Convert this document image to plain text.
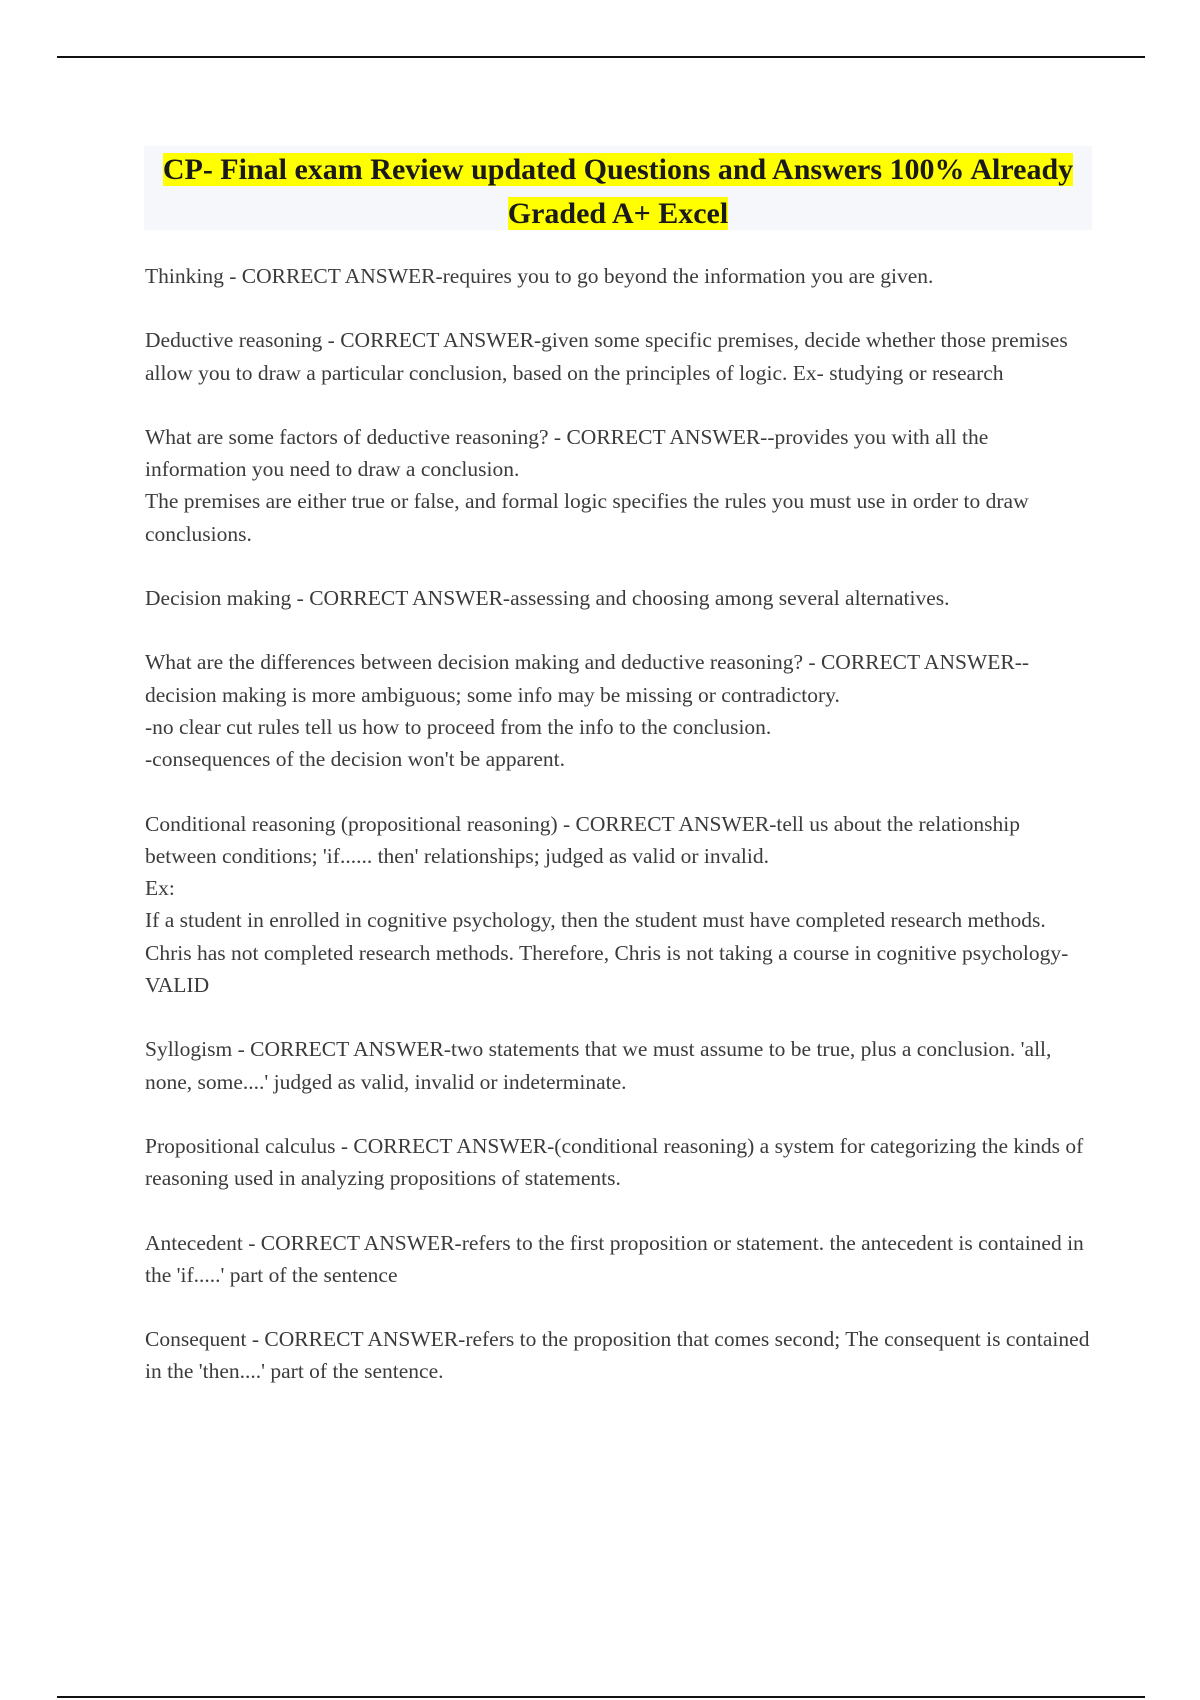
CP- Final exam Review updated Questions and Answers 100% Already Graded A+ Excel
Thinking - CORRECT ANSWER-requires you to go beyond the information you are given.
Deductive reasoning - CORRECT ANSWER-given some specific premises, decide whether those premises allow you to draw a particular conclusion, based on the principles of logic. Ex- studying or research
What are some factors of deductive reasoning? - CORRECT ANSWER--provides you with all the information you need to draw a conclusion.
The premises are either true or false, and formal logic specifies the rules you must use in order to draw conclusions.
Decision making - CORRECT ANSWER-assessing and choosing among several alternatives.
What are the differences between decision making and deductive reasoning? - CORRECT ANSWER-- decision making is more ambiguous; some info may be missing or contradictory.
-no clear cut rules tell us how to proceed from the info to the conclusion.
-consequences of the decision won't be apparent.
Conditional reasoning (propositional reasoning) - CORRECT ANSWER-tell us about the relationship between conditions; 'if...... then' relationships; judged as valid or invalid.
Ex:
If a student in enrolled in cognitive psychology, then the student must have completed research methods.
Chris has not completed research methods. Therefore, Chris is not taking a course in cognitive psychology-VALID
Syllogism - CORRECT ANSWER-two statements that we must assume to be true, plus a conclusion. 'all, none, some....' judged as valid, invalid or indeterminate.
Propositional calculus - CORRECT ANSWER-(conditional reasoning) a system for categorizing the kinds of reasoning used in analyzing propositions of statements.
Antecedent - CORRECT ANSWER-refers to the first proposition or statement. the antecedent is contained in the 'if.....' part of the sentence
Consequent - CORRECT ANSWER-refers to the proposition that comes second; The consequent is contained in the 'then....' part of the sentence.
